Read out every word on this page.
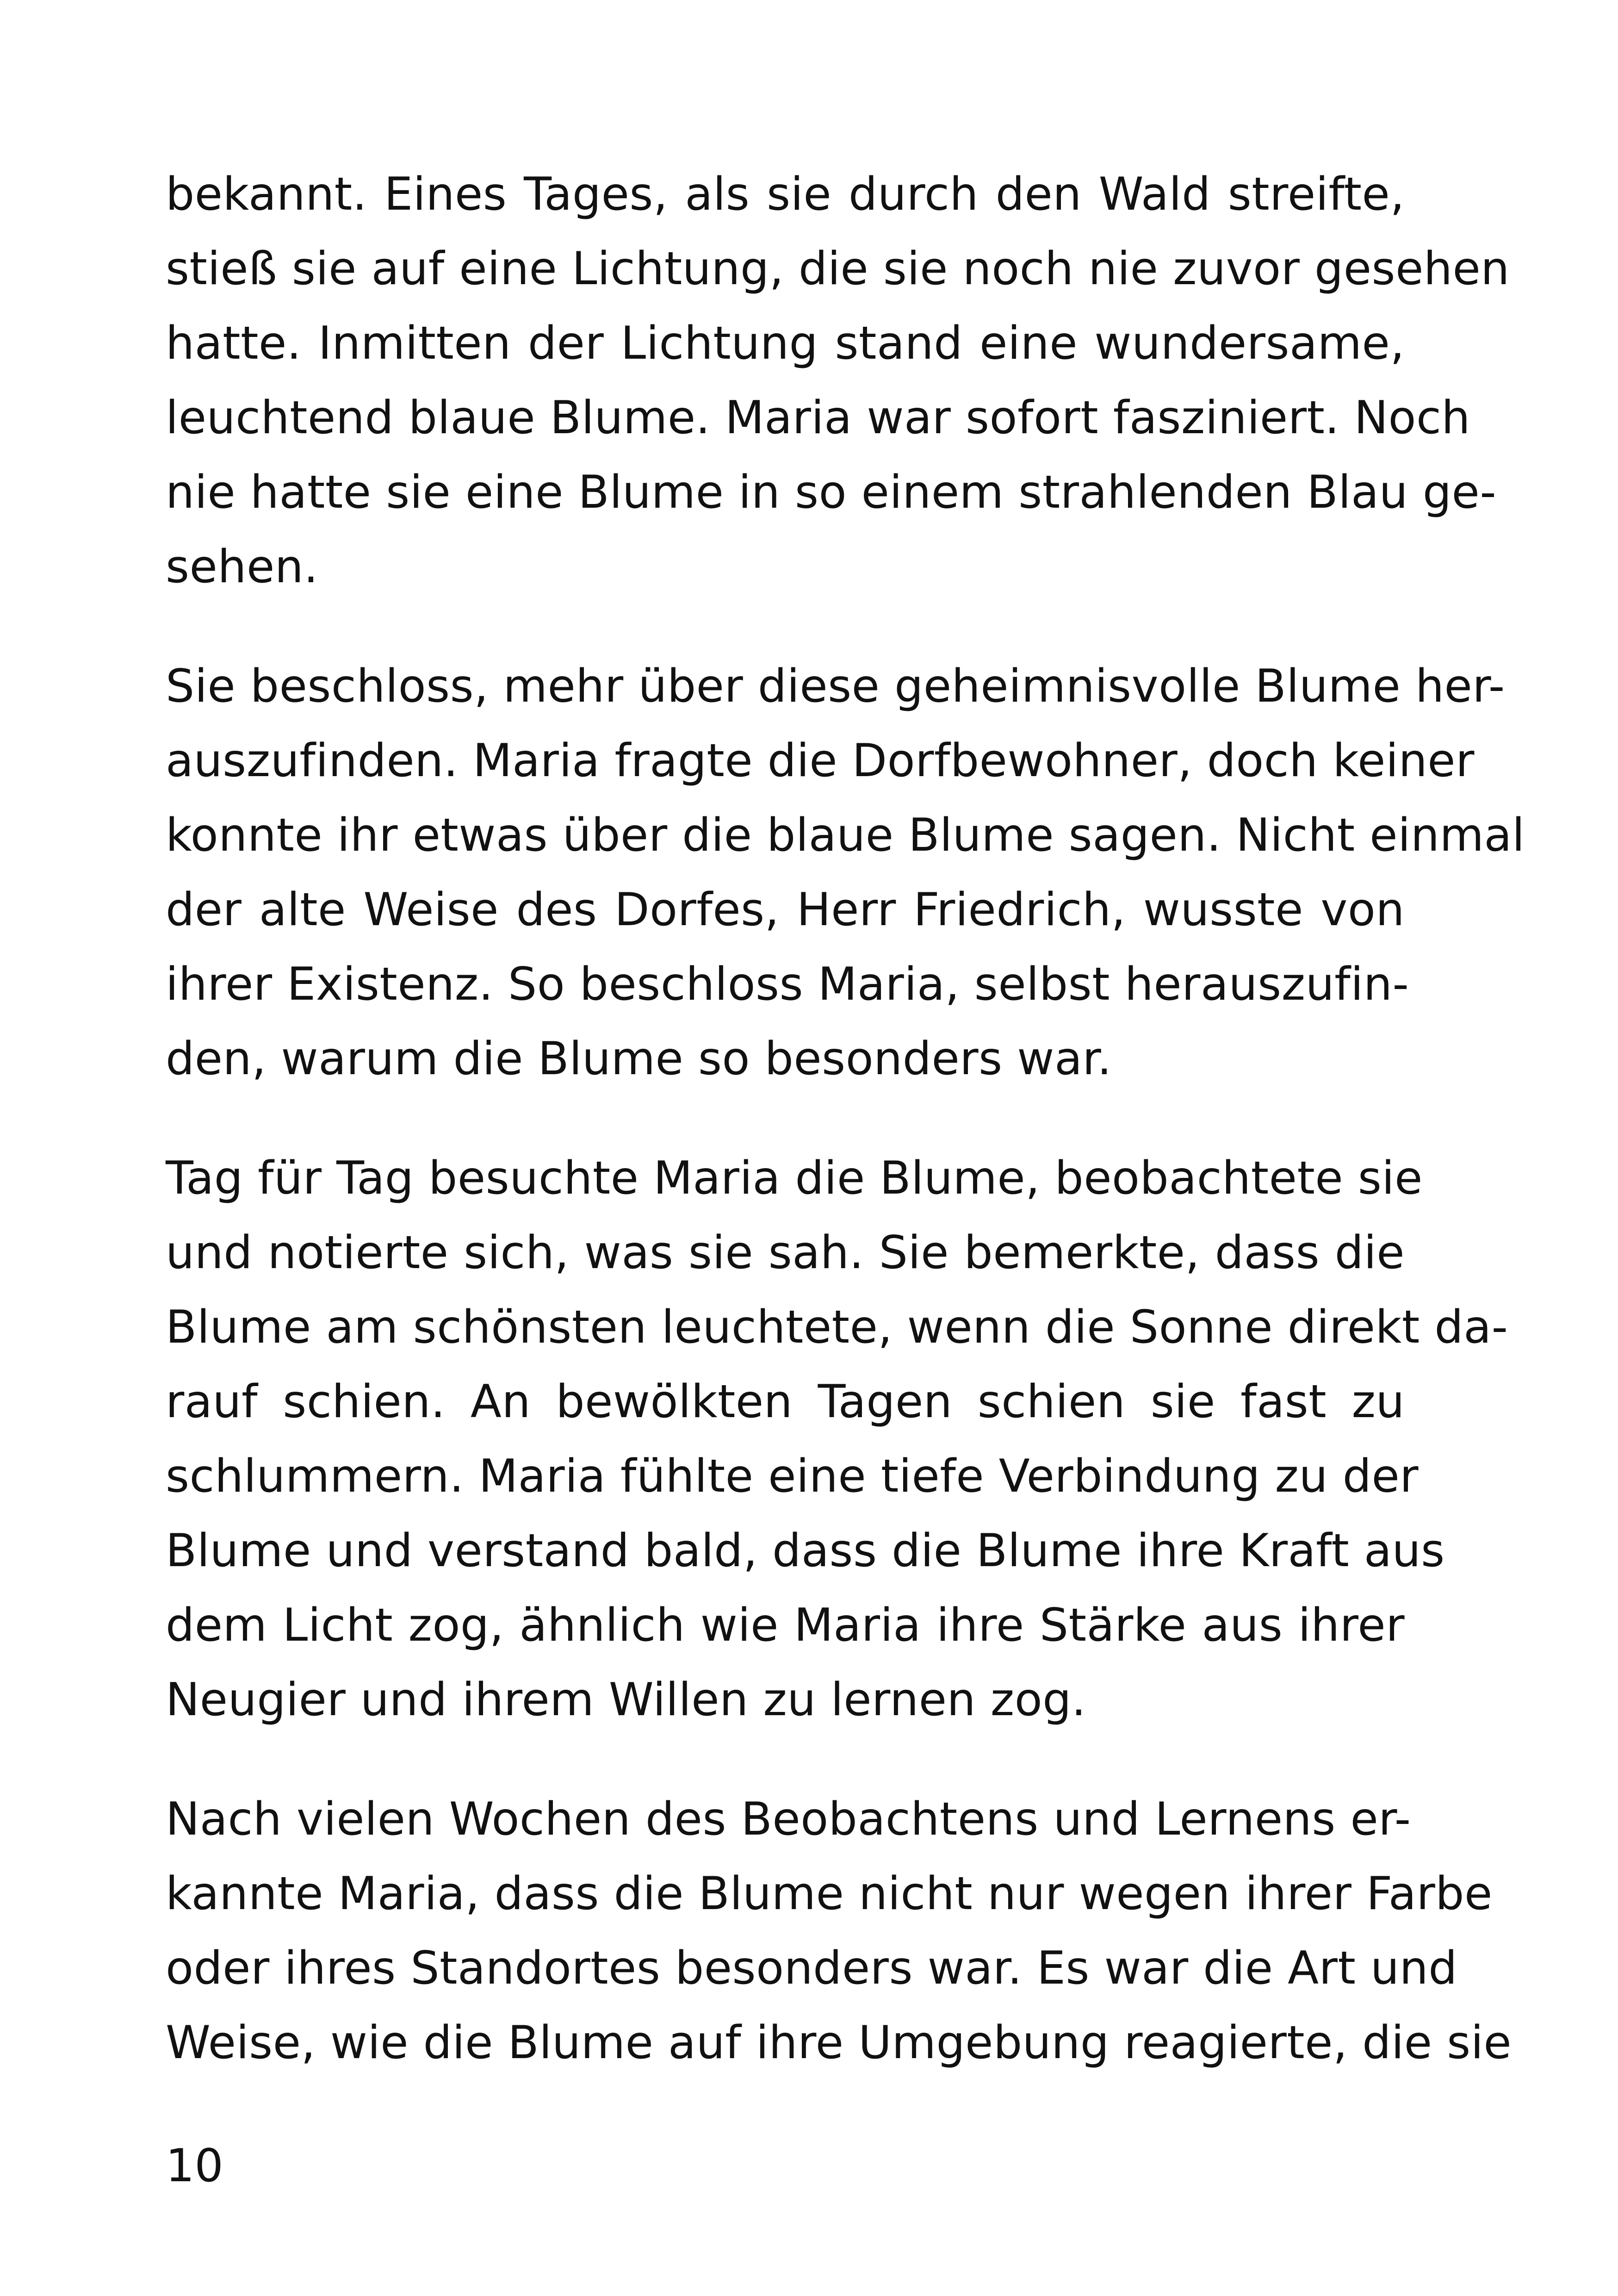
bekannt. Eines Tages, als sie durch den Wald streifte,
stieß sie auf eine Lichtung, die sie noch nie zuvor gesehen
hatte. Inmitten der Lichtung stand eine wundersame,
leuchtend blaue Blume. Maria war sofort fasziniert. Noch
nie hatte sie eine Blume in so einem strahlenden Blau ge-
sehen.
Sie beschloss, mehr über diese geheimnisvolle Blume her-
auszufinden. Maria fragte die Dorfbewohner, doch keiner
konnte ihr etwas über die blaue Blume sagen. Nicht einmal
der alte Weise des Dorfes, Herr Friedrich, wusste von
ihrer Existenz. So beschloss Maria, selbst herauszufin-
den, warum die Blume so besonders war.
Tag für Tag besuchte Maria die Blume, beobachtete sie
und notierte sich, was sie sah. Sie bemerkte, dass die
Blume am schönsten leuchtete, wenn die Sonne direkt da-
rauf schien. An bewölkten Tagen schien sie fast zu
schlummern. Maria fühlte eine tiefe Verbindung zu der
Blume und verstand bald, dass die Blume ihre Kraft aus
dem Licht zog, ähnlich wie Maria ihre Stärke aus ihrer
Neugier und ihrem Willen zu lernen zog.
Nach vielen Wochen des Beobachtens und Lernens er-
kannte Maria, dass die Blume nicht nur wegen ihrer Farbe
oder ihres Standortes besonders war. Es war die Art und
Weise, wie die Blume auf ihre Umgebung reagierte, die sie
10
